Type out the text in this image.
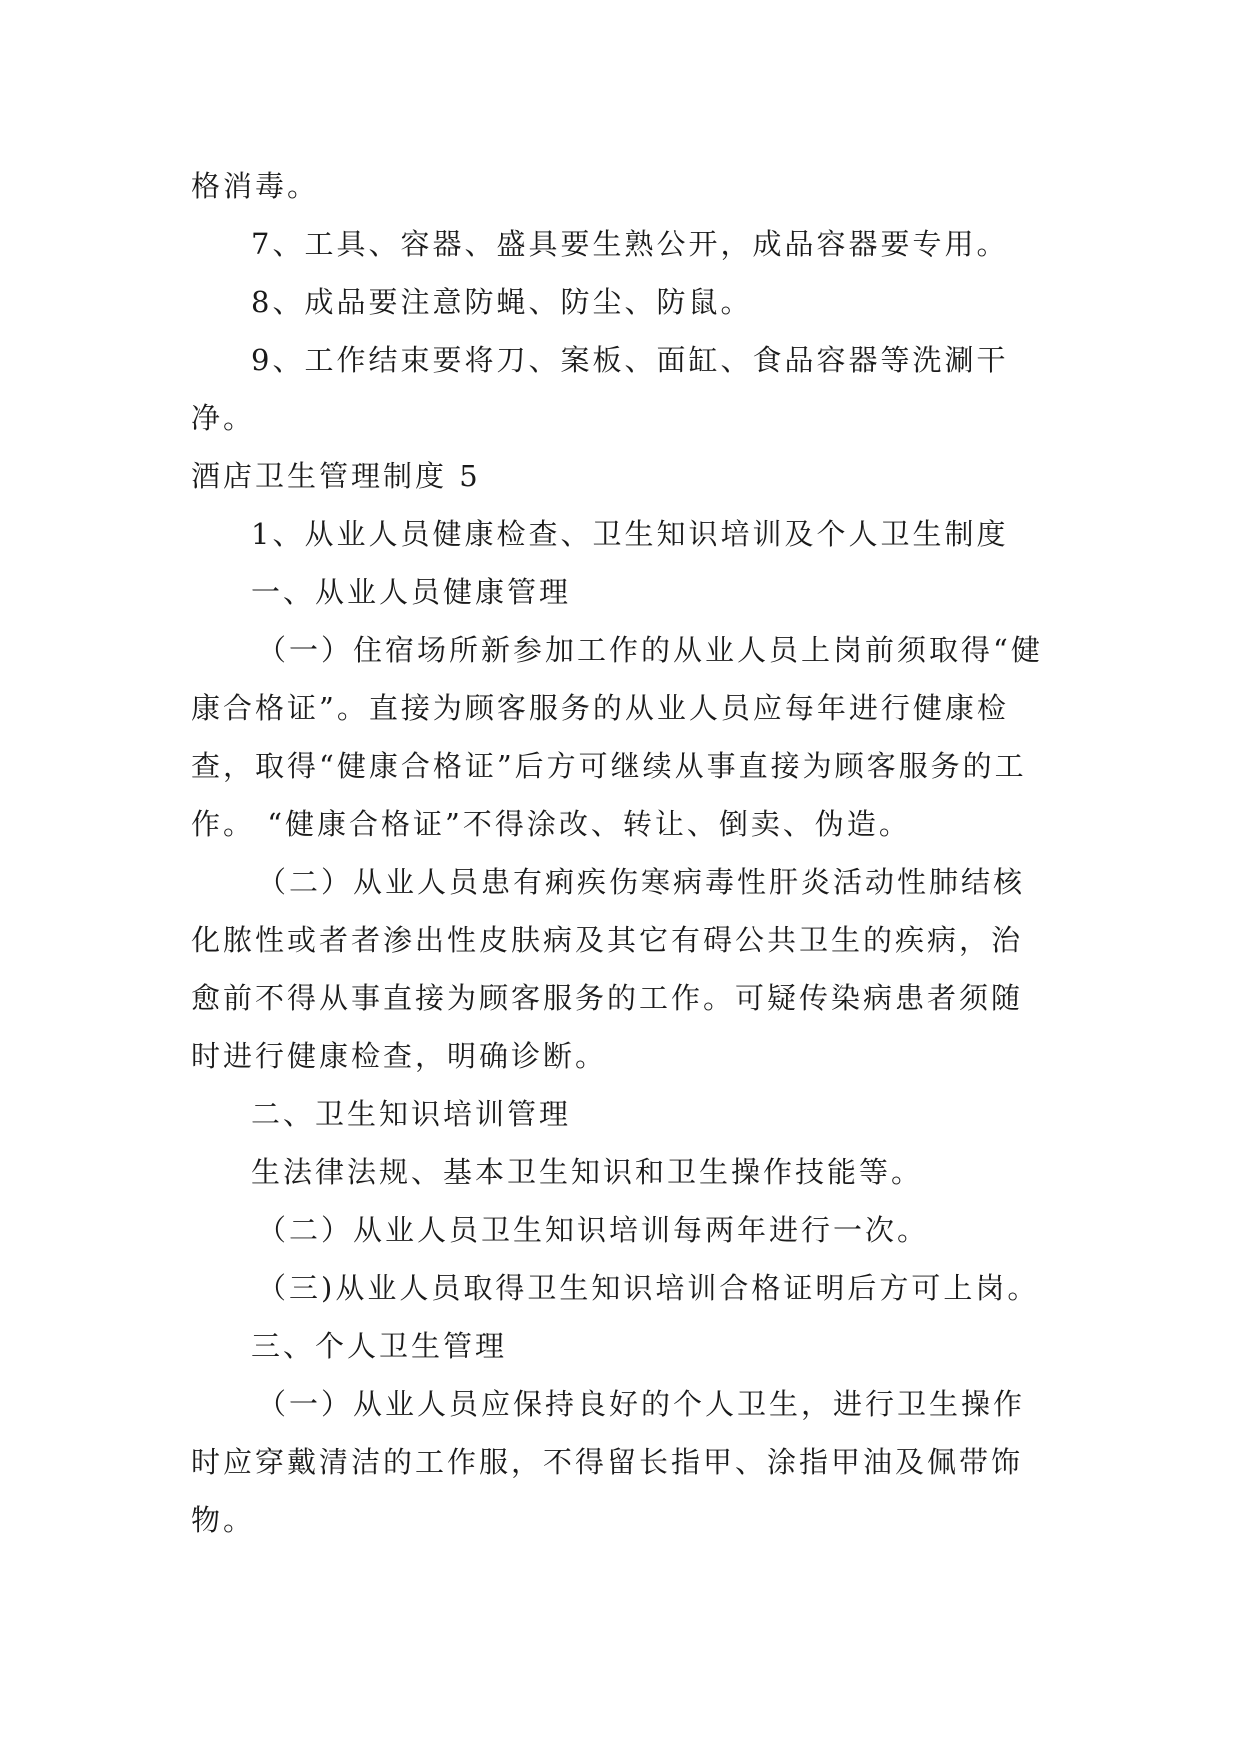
格消毒。

7、工具、容器、盛具要生熟公开，成品容器要专用。

8、成品要注意防蝇、防尘、防鼠。

9、工作结束要将刀、案板、面缸、食品容器等洗涮干净。

酒店卫生管理制度 5

1、从业人员健康检查、卫生知识培训及个人卫生制度

一、从业人员健康管理

（一）住宿场所新参加工作的从业人员上岗前须取得“健康合格证”。直接为顾客服务的从业人员应每年进行健康检查，取得“健康合格证”后方可继续从事直接为顾客服务的工作。 “健康合格证”不得涂改、转让、倒卖、伪造。

（二）从业人员患有痢疾伤寒病毒性肝炎活动性肺结核化脓性或者者渗出性皮肤病及其它有碍公共卫生的疾病，治愈前不得从事直接为顾客服务的工作。可疑传染病患者须随时进行健康检查，明确诊断。

二、卫生知识培训管理

生法律法规、基本卫生知识和卫生操作技能等。

（二）从业人员卫生知识培训每两年进行一次。

（三)从业人员取得卫生知识培训合格证明后方可上岗。

三、个人卫生管理

（一）从业人员应保持良好的个人卫生，进行卫生操作时应穿戴清洁的工作服，不得留长指甲、涂指甲油及佩带饰物。
